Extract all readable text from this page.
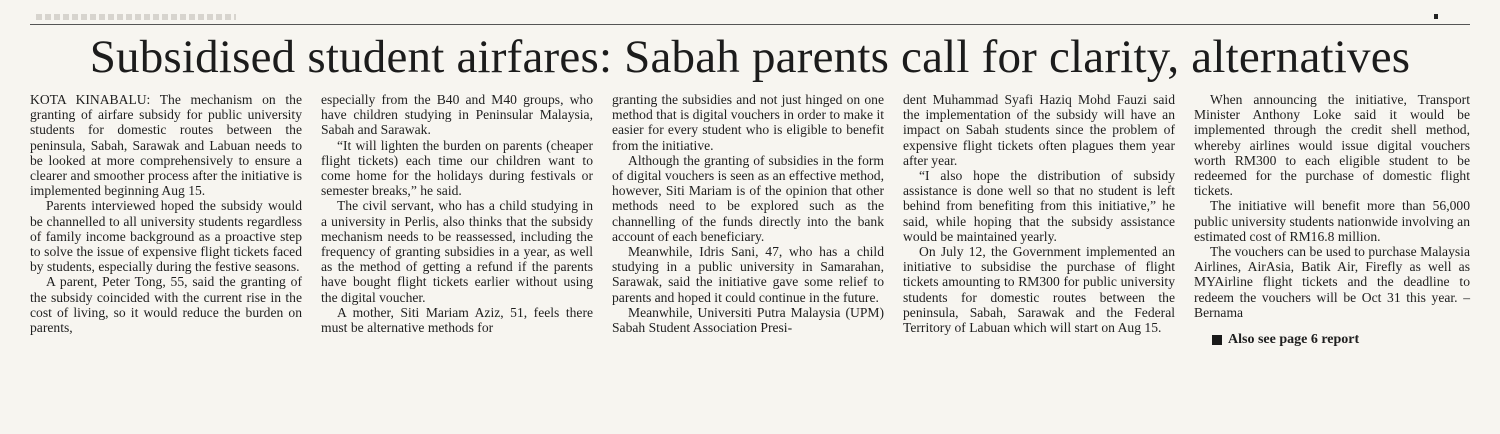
Subsidised student airfares: Sabah parents call for clarity, alternatives

KOTA KINABALU: The mechanism on the granting of airfare subsidy for public university students for domestic routes between the peninsula, Sabah, Sarawak and Labuan needs to be looked at more comprehensively to ensure a clearer and smoother process after the initiative is implemented beginning Aug 15.

Parents interviewed hoped the subsidy would be channelled to all university students regardless of family income background as a proactive step to solve the issue of expensive flight tickets faced by students, especially during the festive seasons.

A parent, Peter Tong, 55, said the granting of the subsidy coincided with the current rise in the cost of living, so it would reduce the burden on parents,

especially from the B40 and M40 groups, who have children studying in Peninsular Malaysia, Sabah and Sarawak.

“It will lighten the burden on parents (cheaper flight tickets) each time our children want to come home for the holidays during festivals or semester breaks,” he said.

The civil servant, who has a child studying in a university in Perlis, also thinks that the subsidy mechanism needs to be reassessed, including the frequency of granting subsidies in a year, as well as the method of getting a refund if the parents have bought flight tickets earlier without using the digital voucher.

A mother, Siti Mariam Aziz, 51, feels there must be alternative methods for

granting the subsidies and not just hinged on one method that is digital vouchers in order to make it easier for every student who is eligible to benefit from the initiative.

Although the granting of subsidies in the form of digital vouchers is seen as an effective method, however, Siti Mariam is of the opinion that other methods need to be explored such as the channelling of the funds directly into the bank account of each beneficiary.

Meanwhile, Idris Sani, 47, who has a child studying in a public university in Samarahan, Sarawak, said the initiative gave some relief to parents and hoped it could continue in the future.

Meanwhile, Universiti Putra Malaysia (UPM) Sabah Student Association Presi-

dent Muhammad Syafi Haziq Mohd Fauzi said the implementation of the subsidy will have an impact on Sabah students since the problem of expensive flight tickets often plagues them year after year.

“I also hope the distribution of subsidy assistance is done well so that no student is left behind from benefiting from this initiative,” he said, while hoping that the subsidy assistance would be maintained yearly.

On July 12, the Government implemented an initiative to subsidise the purchase of flight tickets amounting to RM300 for public university students for domestic routes between the peninsula, Sabah, Sarawak and the Federal Territory of Labuan which will start on Aug 15.

When announcing the initiative, Transport Minister Anthony Loke said it would be implemented through the credit shell method, whereby airlines would issue digital vouchers worth RM300 to each eligible student to be redeemed for the purchase of domestic flight tickets.

The initiative will benefit more than 56,000 public university students nationwide involving an estimated cost of RM16.8 million.

The vouchers can be used to purchase Malaysia Airlines, AirAsia, Batik Air, Firefly as well as MYAirline flight tickets and the deadline to redeem the vouchers will be Oct 31 this year. – Bernama

Also see page 6 report
